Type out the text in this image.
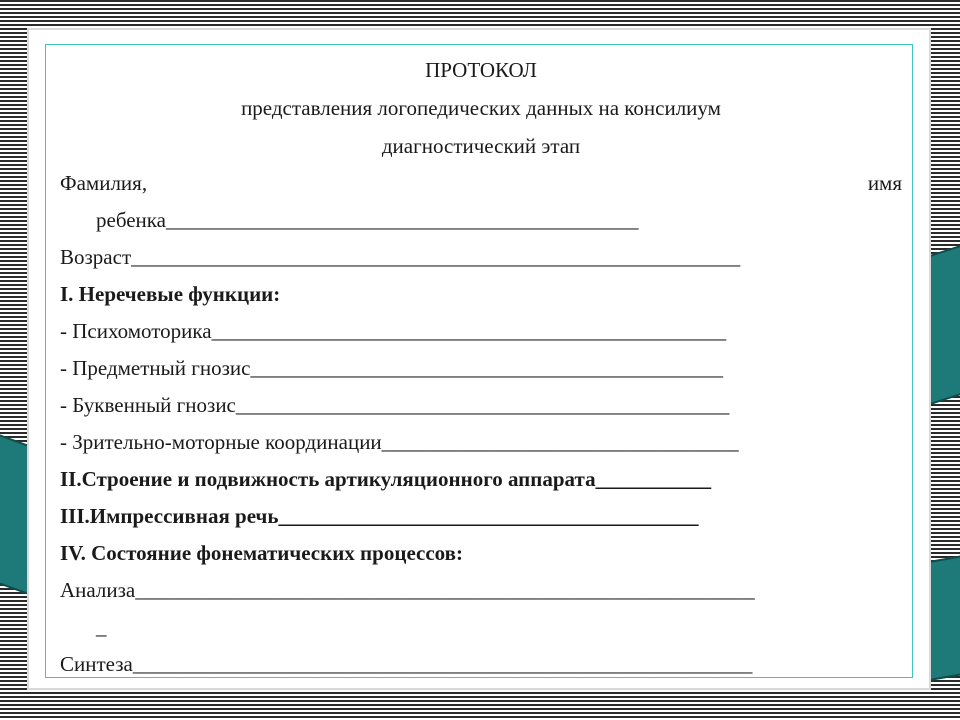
ПРОТОКОЛ
представления логопедических данных на консилиум
диагностический этап
Фамилия,	имя
ребенка_____________________________________________
Возраст__________________________________________________________
I. Неречевые функции:
- Психомоторика_________________________________________________
- Предметный гнозис_____________________________________________
- Буквенный гнозис_______________________________________________
- Зрительно-моторные координации__________________________________
II.Строение и подвижность артикуляционного аппарата___________
III.Импрессивная речь________________________________________
IV. Состояние фонематических процессов:
Анализа___________________________________________________________
_
Синтеза___________________________________________________________
